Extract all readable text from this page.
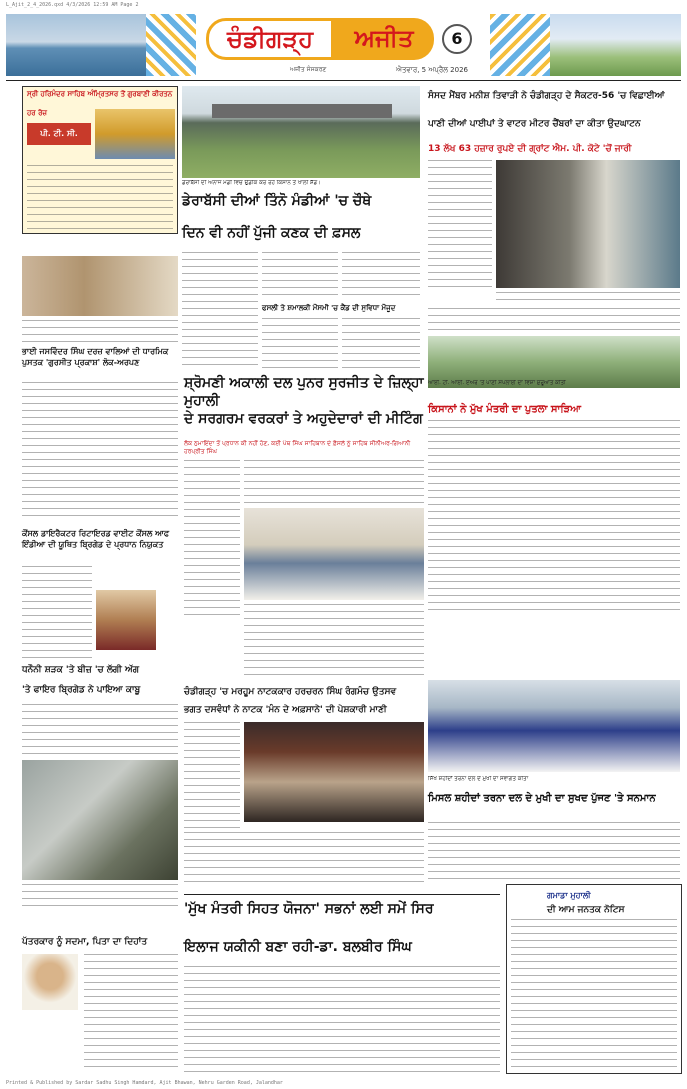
L_Ajit_2_4_2026.qxd 4/3/2026 12:59 AM Page 2
ਚੰਡੀਗੜ੍ਹ	ਅਜੀਤ	6
ਅਜੀਤ ਸੰਸਕਰਣ	ਐਤਵਾਰ, 5 ਅਪ੍ਰੈਲ 2026
ਸ੍ਰੀ ਹਰਿਮੰਦਰ ਸਾਹਿਬ ਅੰਮ੍ਰਿਤਸਰ ਤੋਂ ਗੁਰਬਾਣੀ ਕੀਰਤਨ
ਹਰ ਰੋਜ਼
ਪੀ. ਟੀ. ਸੀ.
ਡੇਰਾਬੱਸੀ ਦੀ ਅਨਾਜ ਮੰਡੀ ਵਿਚ ਉਡੀਕ ਕਰ ਰਹੇ ਕਿਸਾਨ ਤੇ ਖਾਲੀ ਸ਼ੈੱਡ।
ਡੇਰਾਬੱਸੀ ਦੀਆਂ ਤਿੰਨੋ ਮੰਡੀਆਂ 'ਚ ਚੌਥੇ
ਦਿਨ ਵੀ ਨਹੀਂ ਪੁੱਜੀ ਕਣਕ ਦੀ ਫ਼ਸਲ
ਫਸਲੀ ਤੇ ਸ਼ਮਾਲਕੀ ਮੌਸਮੀ 'ਚ ਕੈਂਡ ਦੀ ਸੁਵਿਧਾ ਮੌਜੂਦ
ਭਾਈ ਜਸਵਿੰਦਰ ਸਿੰਘ ਦਰਜ਼ ਵਾਲਿਆਂ ਦੀ ਧਾਰਮਿਕ ਪੁਸਤਕ 'ਗੁਰਸੀਤ ਪ੍ਰਕਾਸ਼' ਲੋਕ-ਅਰਪਣ
ਸੰਸਦ ਮੈਂਬਰ ਮਨੀਸ਼ ਤਿਵਾੜੀ ਨੇ ਚੰਡੀਗੜ੍ਹ ਦੇ ਸੈਕਟਰ-56 'ਚ ਵਿਛਾਈਆਂ
ਪਾਣੀ ਦੀਆਂ ਪਾਈਪਾਂ ਤੇ ਵਾਟਰ ਮੀਟਰ ਚੈਂਬਰਾਂ ਦਾ ਕੀਤਾ ਉਦਘਾਟਨ
13 ਲੱਖ 63 ਹਜ਼ਾਰ ਰੁਪਏ ਦੀ ਗ੍ਰਾਂਟ ਐਮ. ਪੀ. ਕੋਟੇ 'ਚੋਂ ਜਾਰੀ
ਆਈ. ਟੀ. ਆਈ. ਏਅਰ 'ਤੇ ਪਾਣੀ ਸਪਲਾਈ ਦਾ ਵਿਸ਼ਾ ਸ਼ੁਰੂਆਤ ਕੀਤੀ
ਕਿਸਾਨਾਂ ਨੇ ਮੁੱਖ ਮੰਤਰੀ ਦਾ ਪੁਤਲਾ ਸਾੜਿਆ
ਸ਼੍ਰੋਮਣੀ ਅਕਾਲੀ ਦਲ ਪੁਨਰ ਸੁਰਜੀਤ ਦੇ ਜ਼ਿਲ੍ਹਾ ਮੁਹਾਲੀ
ਦੇ ਸਰਗਰਮ ਵਰਕਰਾਂ ਤੇ ਅਹੁਦੇਦਾਰਾਂ ਦੀ ਮੀਟਿੰਗ
ਲੋਕ ਨੁਮਾਇੰਦਾ ਤੋਂ ਪ੍ਰਧਾਨ ਕੀ ਨਹੀਂ ਹੋਣ, ਕਈ ਪੰਥ ਸਿੰਘ ਸਾਹਿਬਾਨ ਦੇ ਫ਼ੈਸਲੇ ਨੂੰ ਸਾਹਿਬ ਸੀਨੀਅਰ-ਗਿਆਨੀ ਹਰਪ੍ਰੀਤ ਸਿੰਘ
ਕੌਂਸਲ ਡਾਇਰੈਕਟਰ ਰਿਟਾਇਰਡ ਵਾਈਟ ਕੌਂਸਲ ਆਫ ਇੰਡੀਆ ਦੀ ਯੂਥਿਤ ਬ੍ਰਿਗੇਡ ਦੇ ਪ੍ਰਧਾਨ ਨਿਯੁਕਤ
ਧਨੌਨੀ ਸ਼ੜਕ 'ਤੇ ਬੀਜ਼ 'ਚ ਲੱਗੀ ਅੱਗ
'ਤੇ ਫਾਇਰ ਬ੍ਰਿਗੇਡ ਨੇ ਪਾਇਆ ਕਾਬੂ	ਚੰਡੀਗੜ੍ਹ 'ਚ ਮਰਹੂਮ ਨਾਟਕਕਾਰ ਹਰਚਰਨ ਸਿੰਘ ਰੰਗਮੰਚ ਉਤਸਵ
ਭਗਤ ਦਸਵੰਧਾਂ ਨੇ ਨਾਟਕ 'ਮੰਨ ਦੇ ਅਫ਼ਸਾਨੇ' ਦੀ ਪੇਸ਼ਕਾਰੀ ਮਾਣੀ
ਸਿੱਖ ਸ਼ਹੀਦਾਂ ਤਰਨਾ ਦਲ ਦੇ ਮੁਖੀ ਦਾ ਸਵਾਗਤ ਕੀਤਾ
ਮਿਸਲ ਸ਼ਹੀਦਾਂ ਤਰਨਾ ਦਲ ਦੇ ਮੁਖੀ ਦਾ ਸੁਖਦ ਪੁੱਜਣ 'ਤੇ ਸਨਮਾਨ
'ਮੁੱਖ ਮੰਤਰੀ ਸਿਹਤ ਯੋਜਨਾ' ਸਭਨਾਂ ਲਈ ਸਮੇਂ ਸਿਰ
ਇਲਾਜ ਯਕੀਨੀ ਬਣਾ ਰਹੀ-ਡਾ. ਬਲਬੀਰ ਸਿੰਘ
ਪੱਤਰਕਾਰ ਨੂੰ ਸਦਮਾ, ਪਿਤਾ ਦਾ ਦਿਹਾਂਤ
ਗਮਾਡਾ ਮੁਹਾਲੀ
ਦੀ ਆਮ ਜਨਤਕ ਨੋਟਿਸ
Printed & Published by Sardar Sadhu Singh Hamdard, Ajit Bhawan, Nehru Garden Road, Jalandhar
